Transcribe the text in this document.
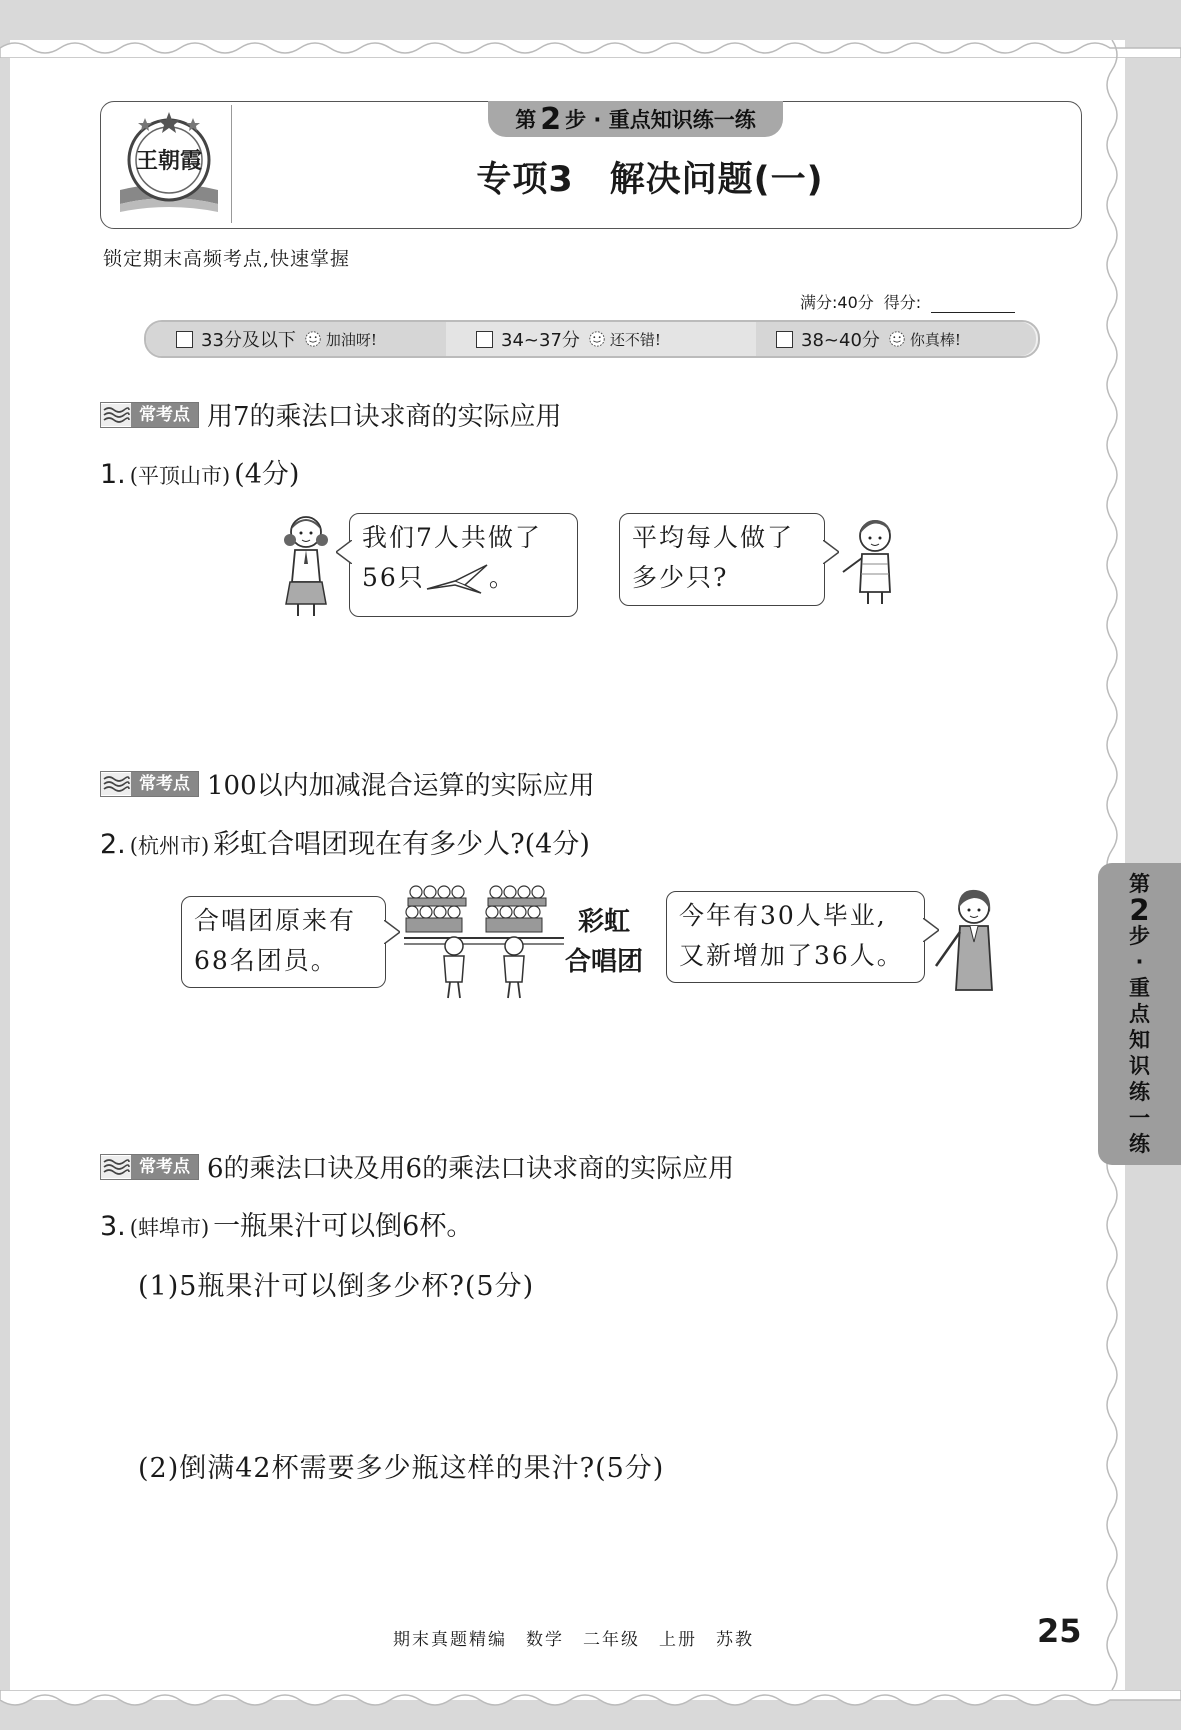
王朝霞
第 2 步 · 重点知识练一练
专项3　解决问题(一)
锁定期末高频考点,快速掌握
满分:40分 得分:
33分及以下 加油呀!	34~37分 还不错!	38~40分 你真棒!
常考点 用7的乘法口诀求商的实际应用
1. (平顶山市) (4分)
我们7人共做了
56只	。
平均每人做了
多少只?
常考点 100以内加减混合运算的实际应用
2. (杭州市) 彩虹合唱团现在有多少人?(4分)
合唱团原来有
68名团员。
彩虹
合唱团
今年有30人毕业,
又新增加了36人。
常考点 6的乘法口诀及用6的乘法口诀求商的实际应用
3. (蚌埠市) 一瓶果汁可以倒6杯。
(1)5瓶果汁可以倒多少杯?(5分)
(2)倒满42杯需要多少瓶这样的果汁?(5分)
第
2
步
·
重
点
知
识
练
一
练
期末真题精编　数学　二年级　上册　苏教	25
